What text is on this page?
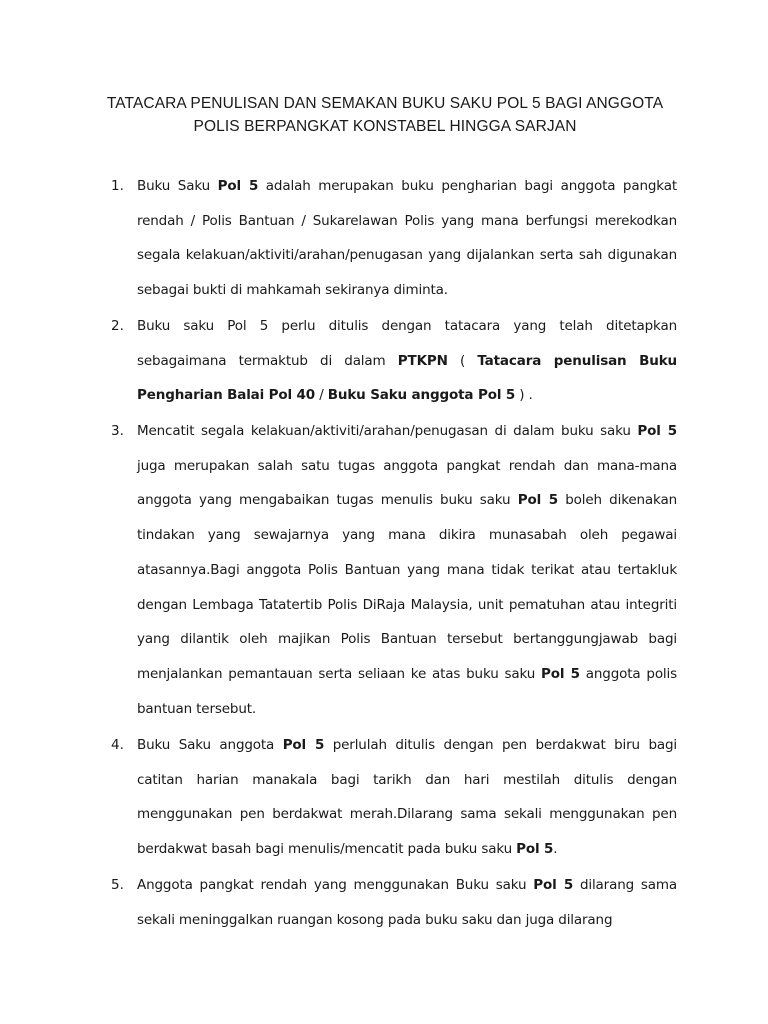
TATACARA PENULISAN DAN SEMAKAN BUKU SAKU POL 5 BAGI ANGGOTA
POLIS BERPANGKAT KONSTABEL HINGGA SARJAN
1. Buku Saku Pol 5 adalah merupakan buku pengharian bagi anggota pangkat rendah / Polis Bantuan / Sukarelawan Polis yang mana berfungsi merekodkan segala kelakuan/aktiviti/arahan/penugasan yang dijalankan serta sah digunakan sebagai bukti di mahkamah sekiranya diminta.
2. Buku saku Pol 5 perlu ditulis dengan tatacara yang telah ditetapkan sebagaimana termaktub di dalam PTKPN ( Tatacara penulisan Buku Pengharian Balai Pol 40 / Buku Saku anggota Pol 5 ) .
3. Mencatit segala kelakuan/aktiviti/arahan/penugasan di dalam buku saku Pol 5 juga merupakan salah satu tugas anggota pangkat rendah dan mana-mana anggota yang mengabaikan tugas menulis buku saku Pol 5 boleh dikenakan tindakan yang sewajarnya yang mana dikira munasabah oleh pegawai atasannya.Bagi anggota Polis Bantuan yang mana tidak terikat atau tertakluk dengan Lembaga Tatatertib Polis DiRaja Malaysia, unit pematuhan atau integriti yang dilantik oleh majikan Polis Bantuan tersebut bertanggungjawab bagi menjalankan pemantauan serta seliaan ke atas buku saku Pol 5 anggota polis bantuan tersebut.
4. Buku Saku anggota Pol 5 perlulah ditulis dengan pen berdakwat biru bagi catitan harian manakala bagi tarikh dan hari mestilah ditulis dengan menggunakan pen berdakwat merah.Dilarang sama sekali menggunakan pen berdakwat basah bagi menulis/mencatit pada buku saku Pol 5.
5. Anggota pangkat rendah yang menggunakan Buku saku Pol 5 dilarang sama sekali meninggalkan ruangan kosong pada buku saku dan juga dilarang
